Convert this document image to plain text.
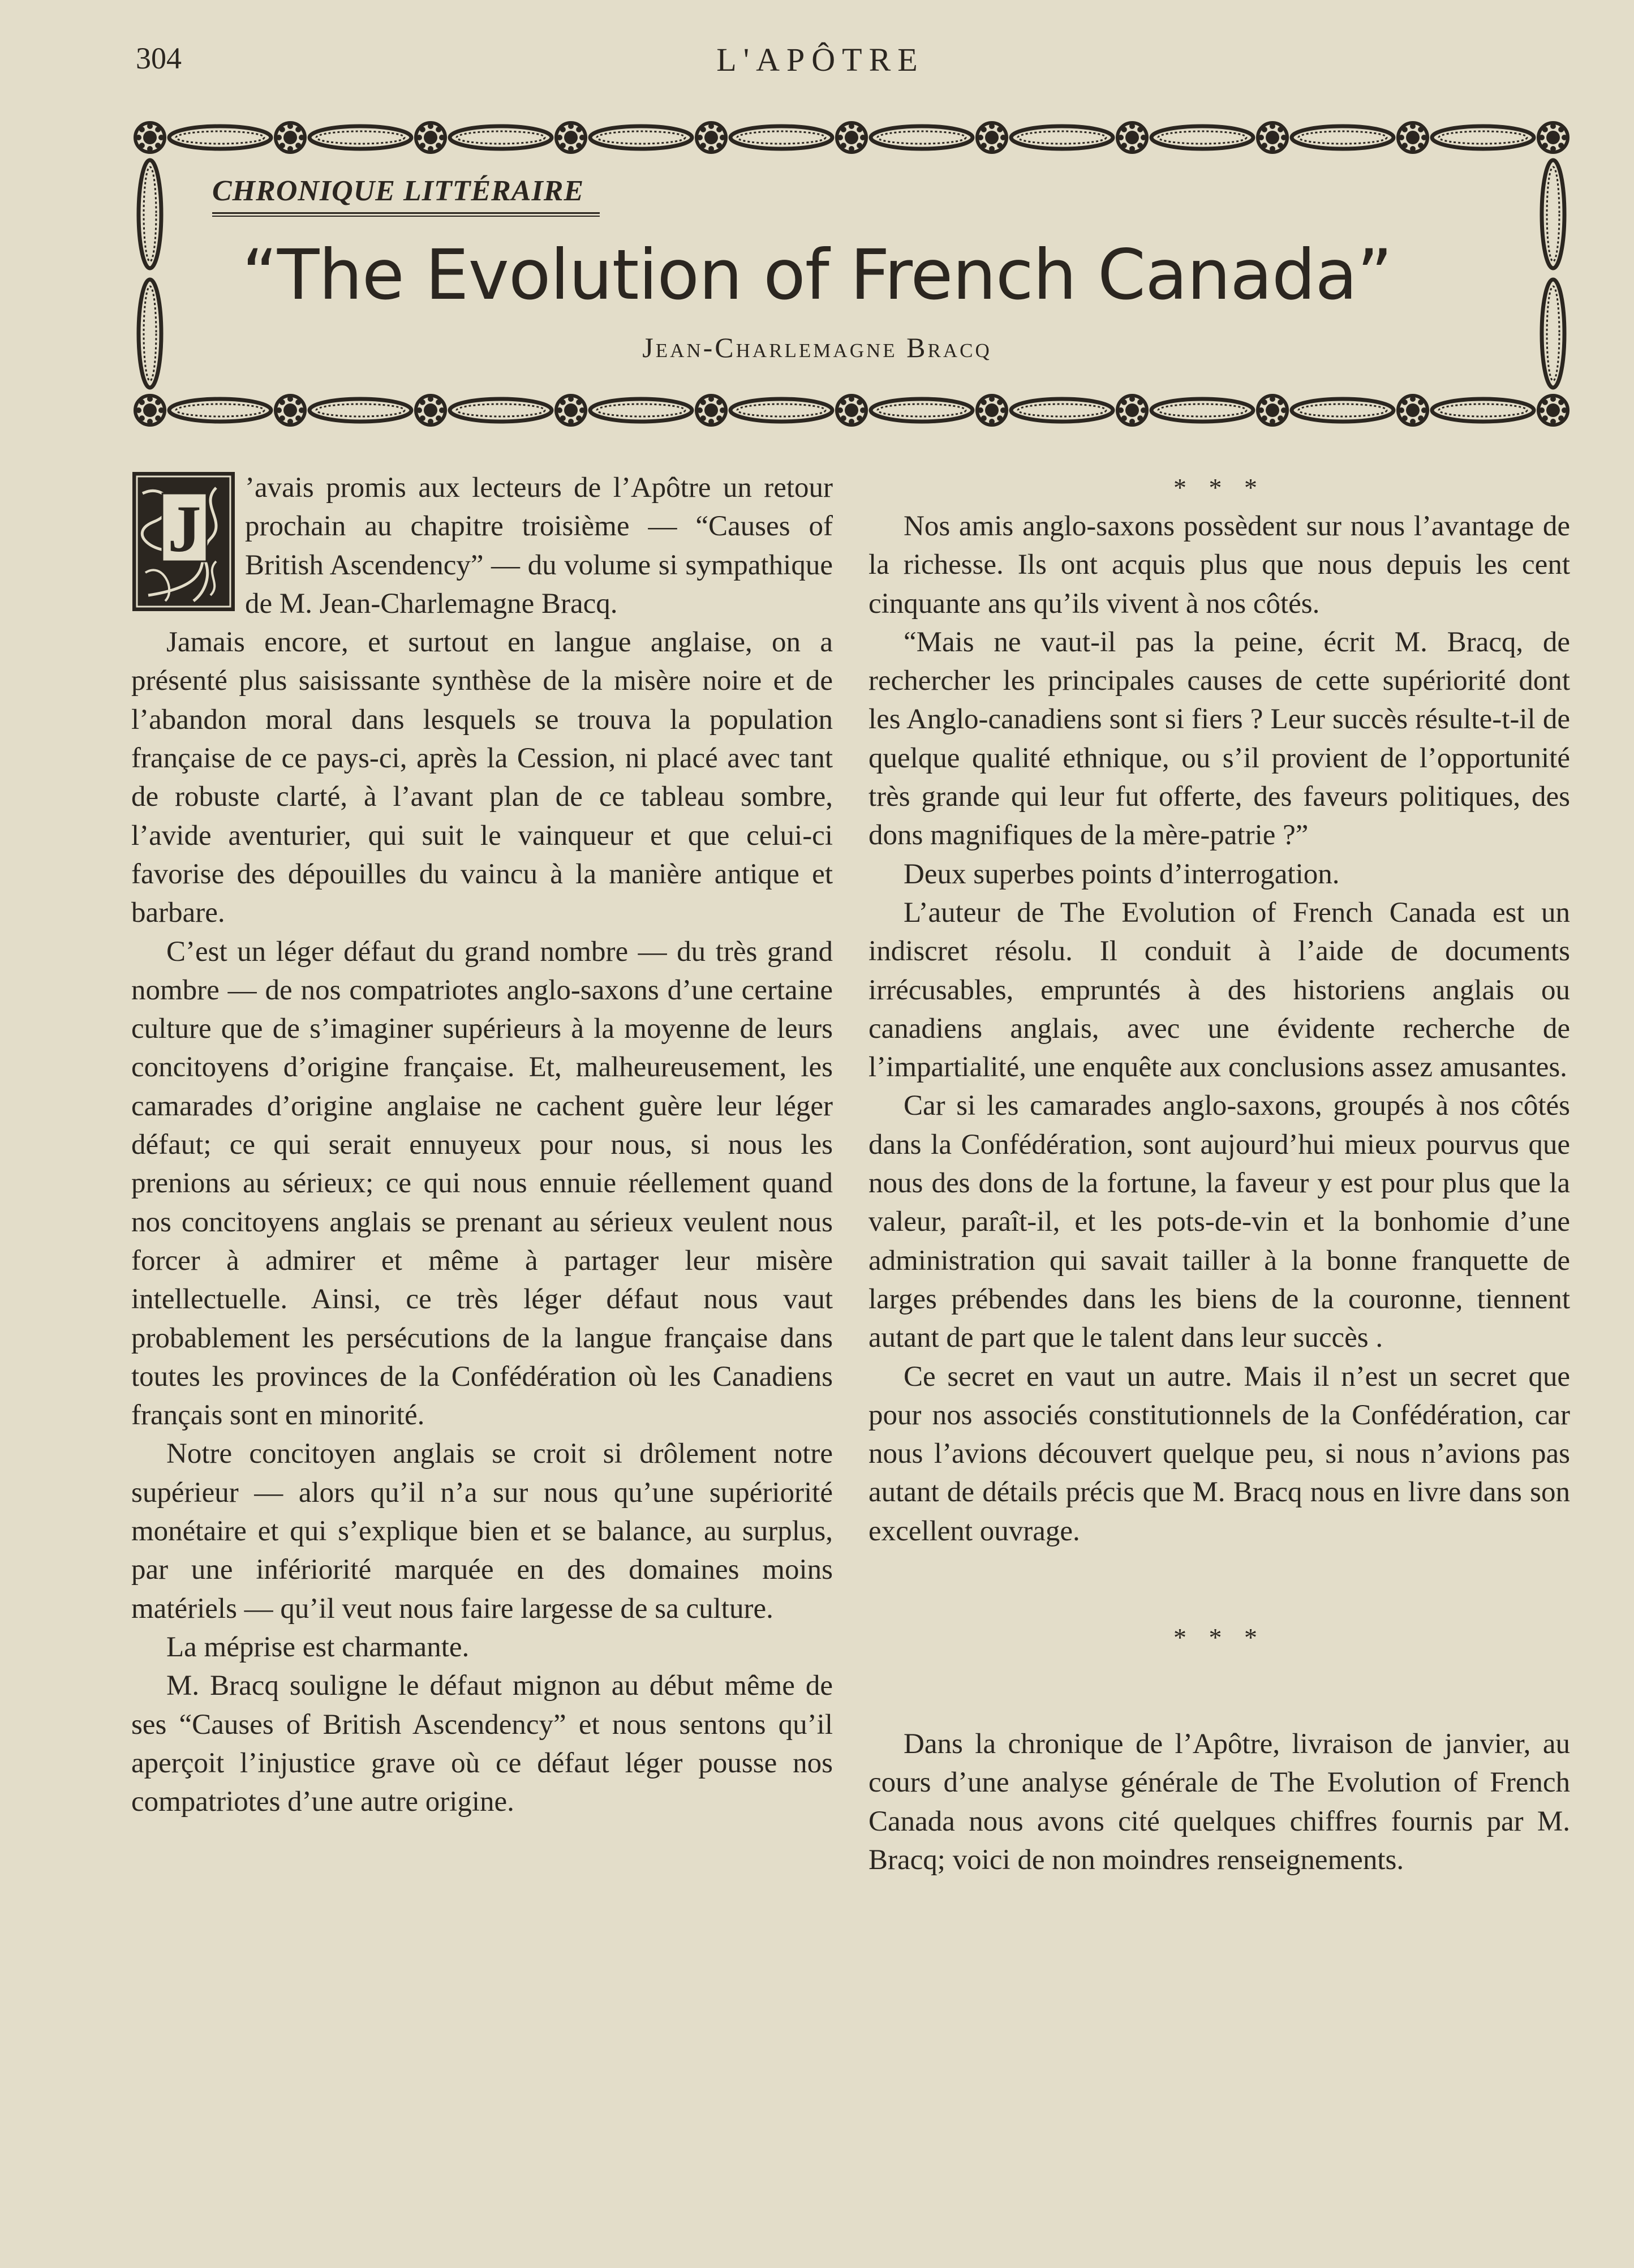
304	L'APÔTRE
CHRONIQUE LITTÉRAIRE
“The Evolution of French Canada”
Jean-Charlemagne Bracq

J
’avais promis aux lecteurs de l’Apôtre un retour prochain au chapitre troisième — “Causes of British Ascendency” — du volume si sympathique de M. Jean-Charlemagne Bracq.

Jamais encore, et surtout en langue anglaise, on a présenté plus saisissante synthèse de la misère noire et de l’abandon moral dans lesquels se trouva la population française de ce pays-ci, après la Cession, ni placé avec tant de robuste clarté, à l’avant plan de ce tableau sombre, l’avide aventurier, qui suit le vainqueur et que celui-ci favorise des dépouilles du vaincu à la manière antique et barbare.

C’est un léger défaut du grand nombre — du très grand nombre — de nos compatriotes anglo-saxons d’une certaine culture que de s’imaginer supérieurs à la moyenne de leurs concitoyens d’origine française. Et, malheureusement, les camarades d’origine anglaise ne cachent guère leur léger défaut; ce qui serait ennuyeux pour nous, si nous les prenions au sérieux; ce qui nous ennuie réellement quand nos concitoyens anglais se prenant au sérieux veulent nous forcer à admirer et même à partager leur misère intellectuelle. Ainsi, ce très léger défaut nous vaut probablement les persécutions de la langue française dans toutes les provinces de la Confédération où les Canadiens français sont en minorité.

Notre concitoyen anglais se croit si drôlement notre supérieur — alors qu’il n’a sur nous qu’une supériorité monétaire et qui s’explique bien et se balance, au surplus, par une infériorité marquée en des domaines moins matériels — qu’il veut nous faire largesse de sa culture.

La méprise est charmante.

M. Bracq souligne le défaut mignon au début même de ses “Causes of British Ascendency” et nous sentons qu’il aperçoit l’injustice grave où ce défaut léger pousse nos compatriotes d’une autre origine.

* * *

Nos amis anglo-saxons possèdent sur nous l’avantage de la richesse. Ils ont acquis plus que nous depuis les cent cinquante ans qu’ils vivent à nos côtés.

“Mais ne vaut-il pas la peine, écrit M. Bracq, de rechercher les principales causes de cette supériorité dont les Anglo-canadiens sont si fiers ? Leur succès résulte-t-il de quelque qualité ethnique, ou s’il provient de l’opportunité très grande qui leur fut offerte, des faveurs politiques, des dons magnifiques de la mère-patrie ?”

Deux superbes points d’interrogation.

L’auteur de The Evolution of French Canada est un indiscret résolu. Il conduit à l’aide de documents irrécusables, empruntés à des historiens anglais ou canadiens anglais, avec une évidente recherche de l’impartialité, une enquête aux conclusions assez amusantes.

Car si les camarades anglo-saxons, groupés à nos côtés dans la Confédération, sont aujourd’hui mieux pourvus que nous des dons de la fortune, la faveur y est pour plus que la valeur, paraît-il, et les pots-de-vin et la bonhomie d’une administration qui savait tailler à la bonne franquette de larges prébendes dans les biens de la couronne, tiennent autant de part que le talent dans leur succès .

Ce secret en vaut un autre. Mais il n’est un secret que pour nos associés constitutionnels de la Confédération, car nous l’avions découvert quelque peu, si nous n’avions pas autant de détails précis que M. Bracq nous en livre dans son excellent ouvrage.

* * *

Dans la chronique de l’Apôtre, livraison de janvier, au cours d’une analyse générale de The Evolution of French Canada nous avons cité quelques chiffres fournis par M. Bracq; voici de non moindres renseignements.
